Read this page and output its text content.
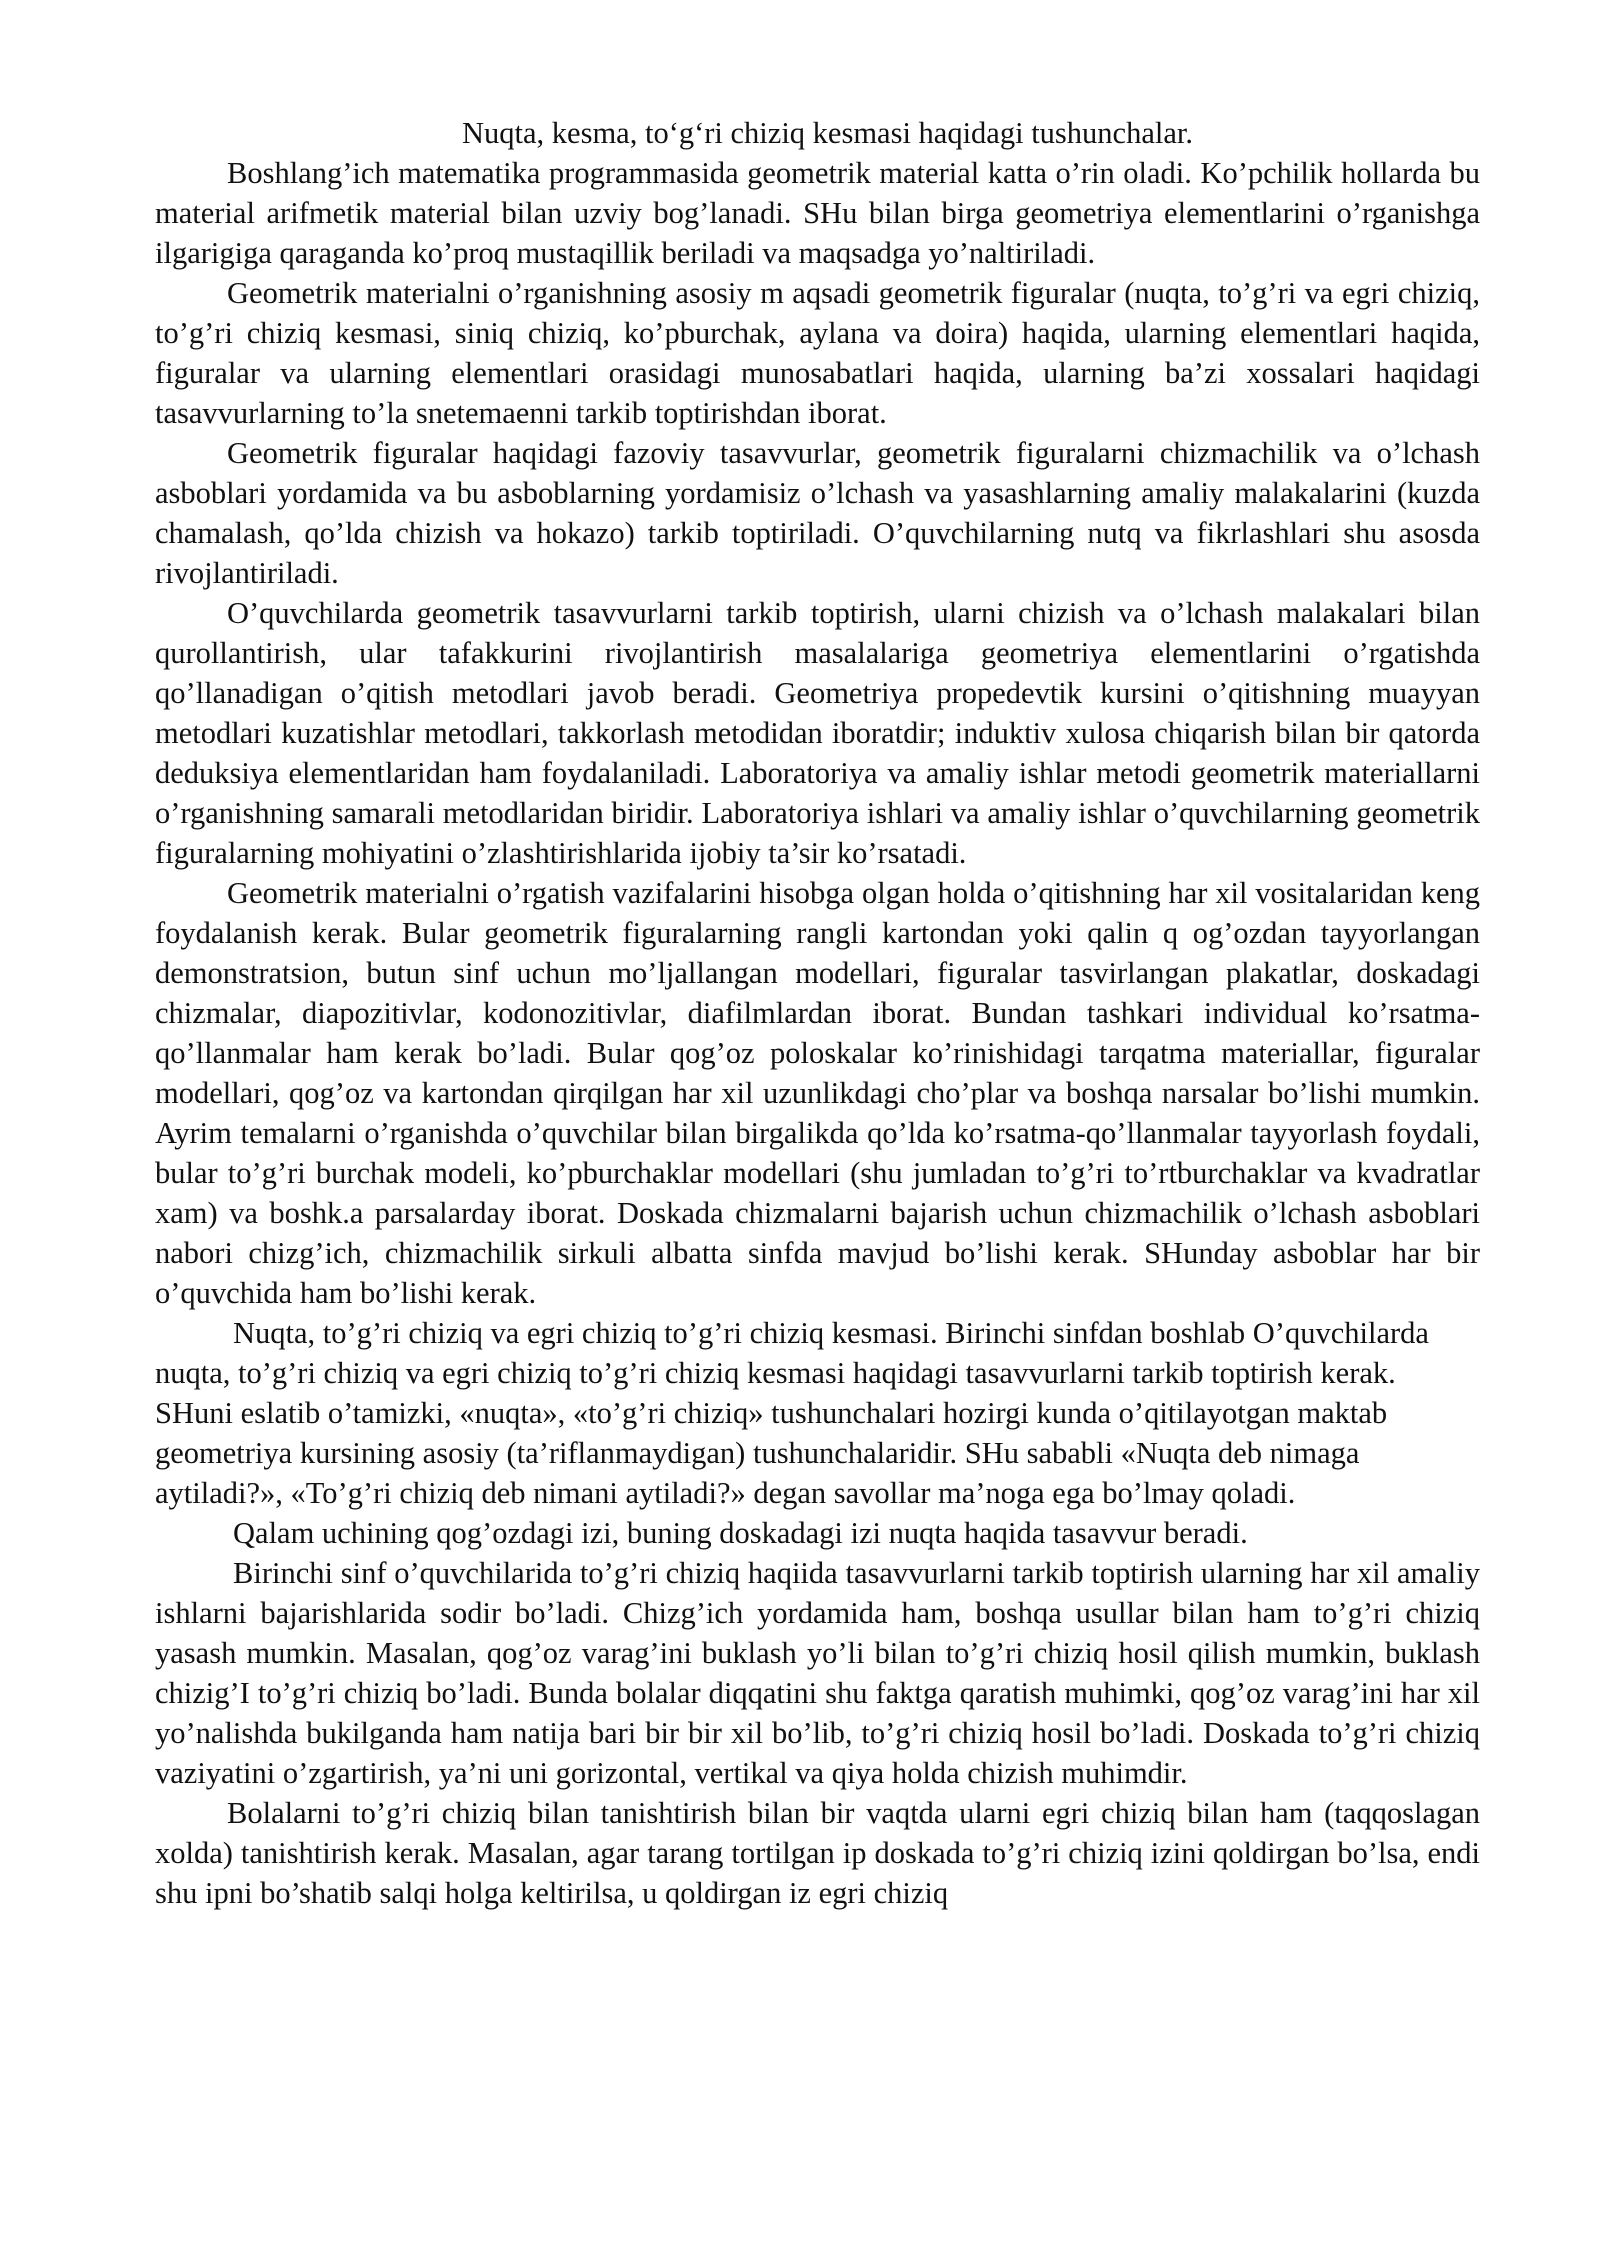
Nuqta, kesma, to‘g‘ri chiziq kesmasi haqidagi tushunchalar.

Boshlang’ich matematika programmasida geometrik material katta o’rin oladi. Ko’pchilik hollarda bu material arifmetik material bilan uzviy bog’lanadi. SHu bilan birga geometriya elementlarini o’rganishga ilgarigiga qaraganda ko’proq mustaqillik beriladi va maqsadga yo’naltiriladi.

Geometrik materialni o’rganishning asosiy m aqsadi geometrik figuralar (nuqta, to’g’ri va egri chiziq, to’g’ri chiziq kesmasi, siniq chiziq, ko’pburchak, aylana va doira) haqida, ularning elementlari haqida, figuralar va ularning elementlari orasidagi munosabatlari haqida, ularning ba’zi xossalari haqidagi tasavvurlarning to’la snetemaenni tarkib toptirishdan iborat.

Geometrik figuralar haqidagi fazoviy tasavvurlar, geometrik figuralarni chizmachilik va o’lchash asboblari yordamida va bu asboblarning yordamisiz o’lchash va yasashlarning amaliy malakalarini (kuzda chamalash, qo’lda chizish va hokazo) tarkib toptiriladi. O’quvchilarning nutq va fikrlashlari shu asosda rivojlantiriladi.

O’quvchilarda geometrik tasavvurlarni tarkib toptirish, ularni chizish va o’lchash malakalari bilan qurollantirish, ular tafakkurini rivojlantirish masalalariga geometriya elementlarini o’rgatishda qo’llanadigan o’qitish metodlari javob beradi. Geometriya propedevtik kursini o’qitishning muayyan metodlari kuzatishlar metodlari, takkorlash metodidan iboratdir; induktiv xulosa chiqarish bilan bir qatorda deduksiya elementlaridan ham foydalaniladi. Laboratoriya va amaliy ishlar metodi geometrik materiallarni o’rganishning samarali metodlaridan biridir. Laboratoriya ishlari va amaliy ishlar o’quvchilarning geometrik figuralarning mohiyatini o’zlashtirishlarida ijobiy ta’sir ko’rsatadi.

Geometrik materialni o’rgatish vazifalarini hisobga olgan holda o’qitishning har xil vositalaridan keng foydalanish kerak. Bular geometrik figuralarning rangli kartondan yoki qalin q og’ozdan tayyorlangan demonstratsion, butun sinf uchun mo’ljallangan modellari, figuralar tasvirlangan plakatlar, doskadagi chizmalar, diapozitivlar, kodonozitivlar, diafilmlardan iborat. Bundan tashkari individual ko’rsatma-qo’llanmalar ham kerak bo’ladi. Bular qog’oz poloskalar ko’rinishidagi tarqatma materiallar, figuralar modellari, qog’oz va kartondan qirqilgan har xil uzunlikdagi cho’plar va boshqa narsalar bo’lishi mumkin. Ayrim temalarni o’rganishda o’quvchilar bilan birgalikda qo’lda ko’rsatma-qo’llanmalar tayyorlash foydali, bular to’g’ri burchak modeli, ko’pburchaklar modellari (shu jumladan to’g’ri to’rtburchaklar va kvadratlar xam) va boshk.a parsalarday iborat. Doskada chizmalarni bajarish uchun chizmachilik o’lchash asboblari nabori chizg’ich, chizmachilik sirkuli albatta sinfda mavjud bo’lishi kerak. SHunday asboblar har bir o’quvchida ham bo’lishi kerak.

Nuqta, to’g’ri chiziq va egri chiziq to’g’ri chiziq kesmasi. Birinchi sinfdan boshlab O’quvchilarda nuqta, to’g’ri chiziq va egri chiziq to’g’ri chiziq kesmasi haqidagi tasavvurlarni tarkib toptirish kerak. SHuni eslatib o’tamizki, «nuqta», «to’g’ri chiziq» tushunchalari hozirgi kunda o’qitilayotgan maktab geometriya kursining asosiy (ta’riflanmaydigan) tushunchalaridir. SHu sababli «Nuqta deb nimaga aytiladi?», «To’g’ri chiziq deb nimani aytiladi?» degan savollar ma’noga ega bo’lmay qoladi.

Qalam uchining qog’ozdagi izi, buning doskadagi izi nuqta haqida tasavvur beradi.

Birinchi sinf o’quvchilarida to’g’ri chiziq haqiida tasavvurlarni tarkib toptirish ularning har xil amaliy ishlarni bajarishlarida sodir bo’ladi. Chizg’ich yordamida ham, boshqa usullar bilan ham to’g’ri chiziq yasash mumkin. Masalan, qog’oz varag’ini buklash yo’li bilan to’g’ri chiziq hosil qilish mumkin, buklash chizig’I to’g’ri chiziq bo’ladi. Bunda bolalar diqqatini shu faktga qaratish muhimki, qog’oz varag’ini har xil yo’nalishda bukilganda ham natija bari bir bir xil bo’lib, to’g’ri chiziq hosil bo’ladi. Doskada to’g’ri chiziq vaziyatini o’zgartirish, ya’ni uni gorizontal, vertikal va qiya holda chizish muhimdir.

Bolalarni to’g’ri chiziq bilan tanishtirish bilan bir vaqtda ularni egri chiziq bilan ham (taqqoslagan xolda) tanishtirish kerak. Masalan, agar tarang tortilgan ip doskada to’g’ri chiziq izini qoldirgan bo’lsa, endi shu ipni bo’shatib salqi holga keltirilsa, u qoldirgan iz egri chiziq
